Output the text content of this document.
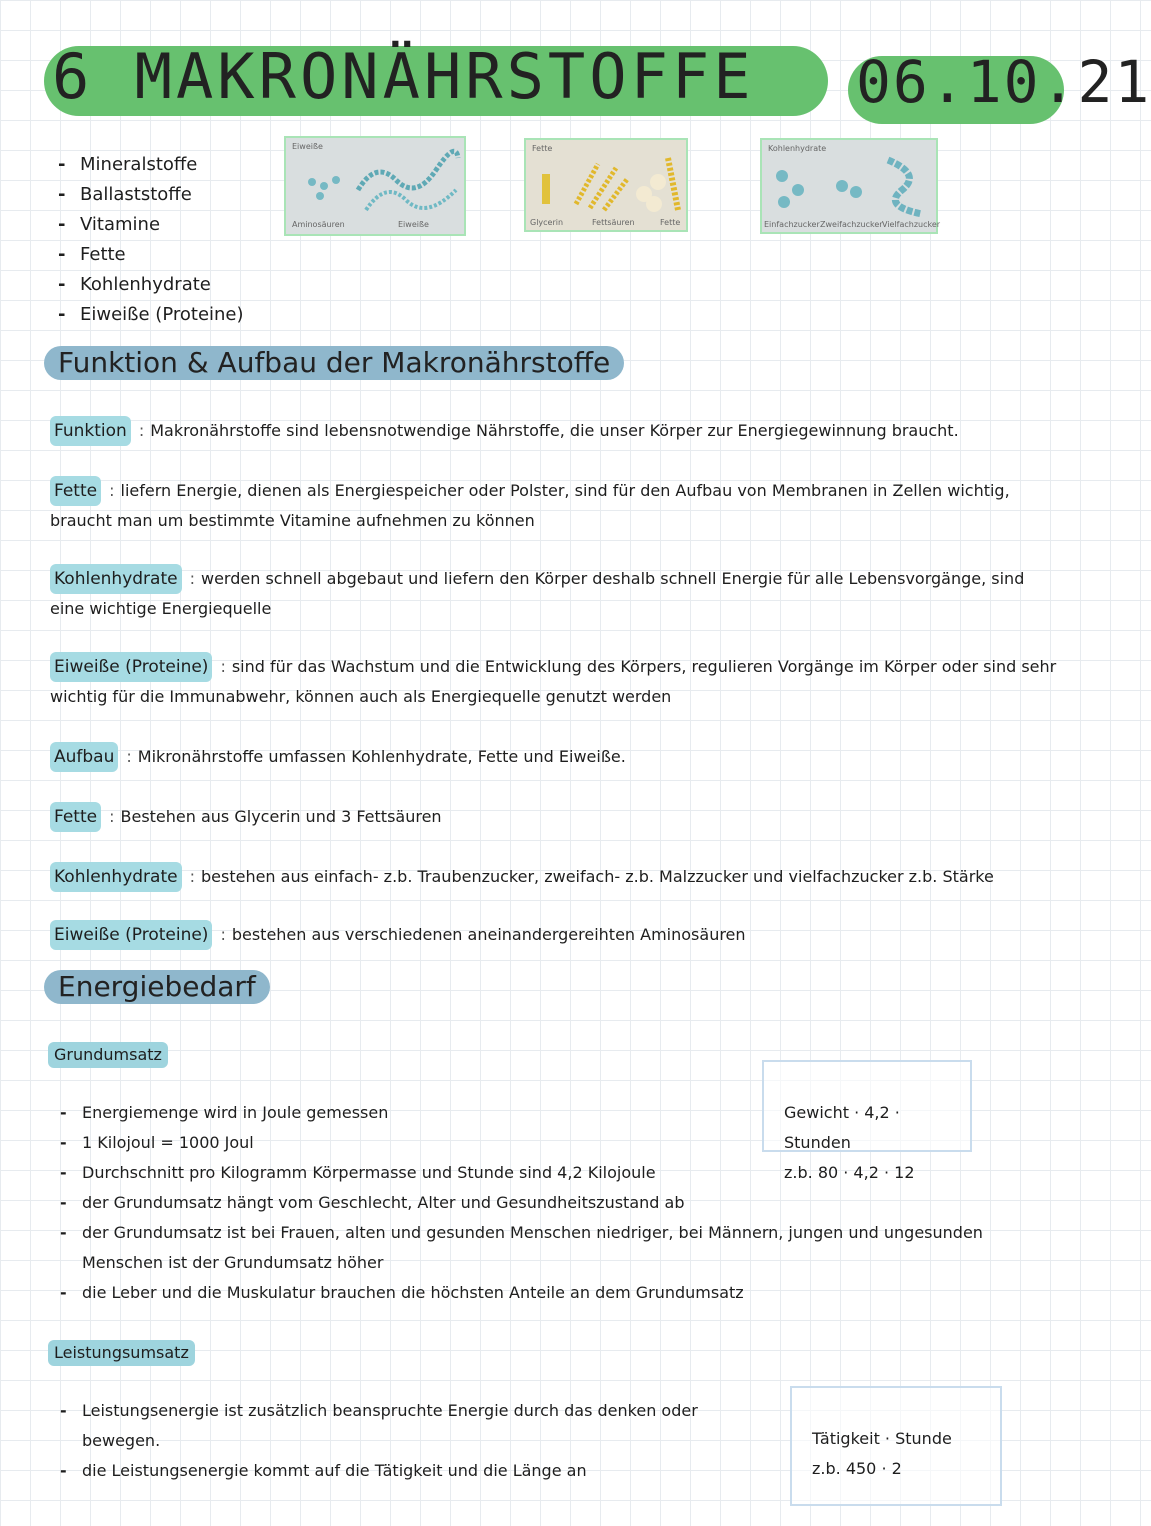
6 MAKRONÄHRSTOFFE 06.10.21
- Mineralstoffe
- Ballaststoffe
- Vitamine
- Fette
- Kohlenhydrate
- Eiweiße (Proteine)
Eiweiße
Aminosäuren	Eiweiße
Fette
Glycerin	Fettsäuren	Fette
Kohlenhydrate
Einfachzucker Zweifachzucker Vielfachzucker
Funktion & Aufbau der Makronährstoffe
Funktion : Makronährstoffe sind lebensnotwendige Nährstoffe, die unser Körper zur Energiegewinnung braucht.
Fette : liefern Energie, dienen als Energiespeicher oder Polster, sind für den Aufbau von Membranen in Zellen wichtig, braucht man um bestimmte Vitamine aufnehmen zu können
Kohlenhydrate : werden schnell abgebaut und liefern den Körper deshalb schnell Energie für alle Lebensvorgänge, sind eine wichtige Energiequelle
Eiweiße (Proteine) : sind für das Wachstum und die Entwicklung des Körpers, regulieren Vorgänge im Körper oder sind sehr wichtig für die Immunabwehr, können auch als Energiequelle genutzt werden
Aufbau : Mikronährstoffe umfassen Kohlenhydrate, Fette und Eiweiße.
Fette : Bestehen aus Glycerin und 3 Fettsäuren
Kohlenhydrate : bestehen aus einfach- z.b. Traubenzucker, zweifach- z.b. Malzzucker und vielfachzucker z.b. Stärke
Eiweiße (Proteine) : bestehen aus verschiedenen aneinandergereihten Aminosäuren
Energiebedarf
Grundumsatz
- Energiemenge wird in Joule gemessen
- 1 Kilojoul = 1000 Joul
- Durchschnitt pro Kilogramm Körpermasse und Stunde sind 4,2 Kilojoule
- der Grundumsatz hängt vom Geschlecht, Alter und Gesundheitszustand ab
- der Grundumsatz ist bei Frauen, alten und gesunden Menschen niedriger, bei Männern, jungen und ungesunden Menschen ist der Grundumsatz höher
- die Leber und die Muskulatur brauchen die höchsten Anteile an dem Grundumsatz
Gewicht · 4,2 · Stunden
z.b. 80 · 4,2 · 12
Leistungsumsatz
- Leistungsenergie ist zusätzlich beanspruchte Energie durch das denken oder bewegen.
- die Leistungsenergie kommt auf die Tätigkeit und die Länge an
Tätigkeit · Stunde
z.b. 450 · 2
